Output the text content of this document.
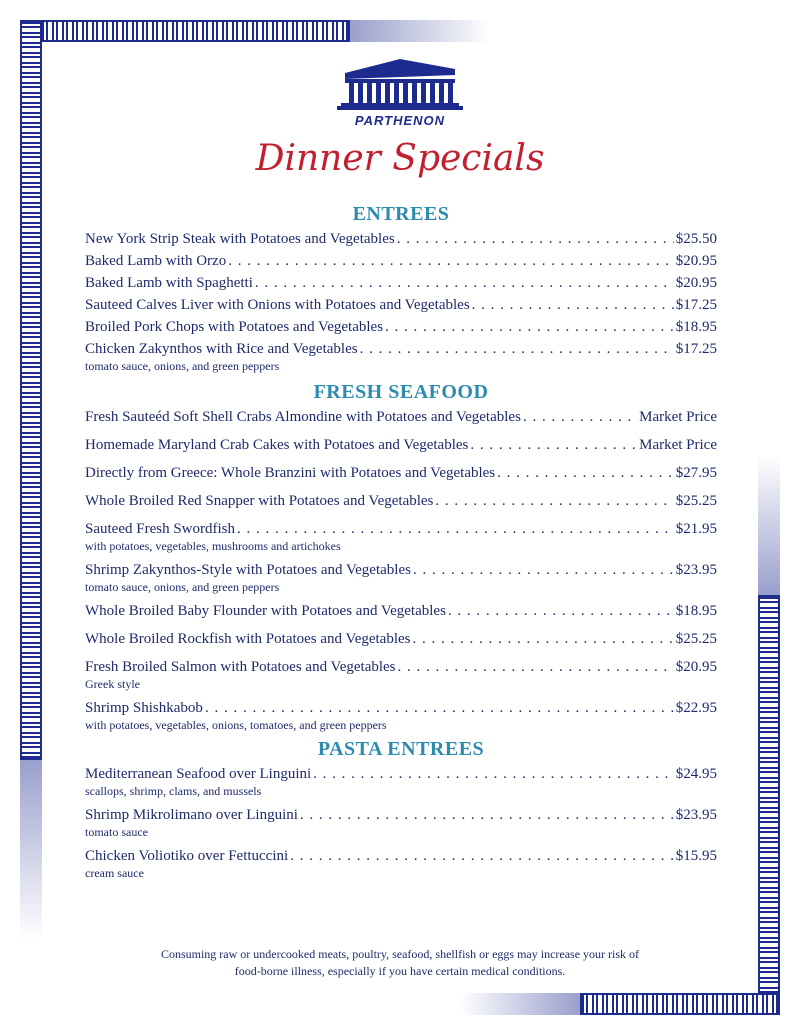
PARTHENON
Dinner Specials
ENTREES
New York Strip Steak with Potatoes and Vegetables . . .	$25.50
Baked Lamb with Orzo . . .	$20.95
Baked Lamb with Spaghetti . . .	$20.95
Sauteed Calves Liver with Onions with Potatoes and Vegetables . . .	$17.25
Broiled Pork Chops with Potatoes and Vegetables . . .	$18.95
Chicken Zakynthos with Rice and Vegetables . . .	$17.25
tomato sauce, onions, and green peppers
FRESH SEAFOOD
Fresh Sauteéd Soft Shell Crabs Almondine with Potatoes and Vegetables . . .	Market Price
Homemade Maryland Crab Cakes with Potatoes and Vegetables . . .	Market Price
Directly from Greece: Whole Branzini with Potatoes and Vegetables . . .	$27.95
Whole Broiled Red Snapper with Potatoes and Vegetables . . .	$25.25
Sauteed Fresh Swordfish . . .	$21.95
with potatoes, vegetables, mushrooms and artichokes
Shrimp Zakynthos-Style with Potatoes and Vegetables . . .	$23.95
tomato sauce, onions, and green peppers
Whole Broiled Baby Flounder with Potatoes and Vegetables . . .	$18.95
Whole Broiled Rockfish with Potatoes and Vegetables . . .	$25.25
Fresh Broiled Salmon with Potatoes and Vegetables . . .	$20.95
Greek style
Shrimp Shishkabob . . .	$22.95
with potatoes, vegetables, onions, tomatoes, and green peppers
PASTA ENTREES
Mediterranean Seafood over Linguini . . .	$24.95
scallops, shrimp, clams, and mussels
Shrimp Mikrolimano over Linguini . . .	$23.95
tomato sauce
Chicken Voliotiko over Fettuccini . . .	$15.95
cream sauce
Consuming raw or undercooked meats, poultry, seafood, shellfish or eggs may increase your risk of
food-borne illness, especially if you have certain medical conditions.
